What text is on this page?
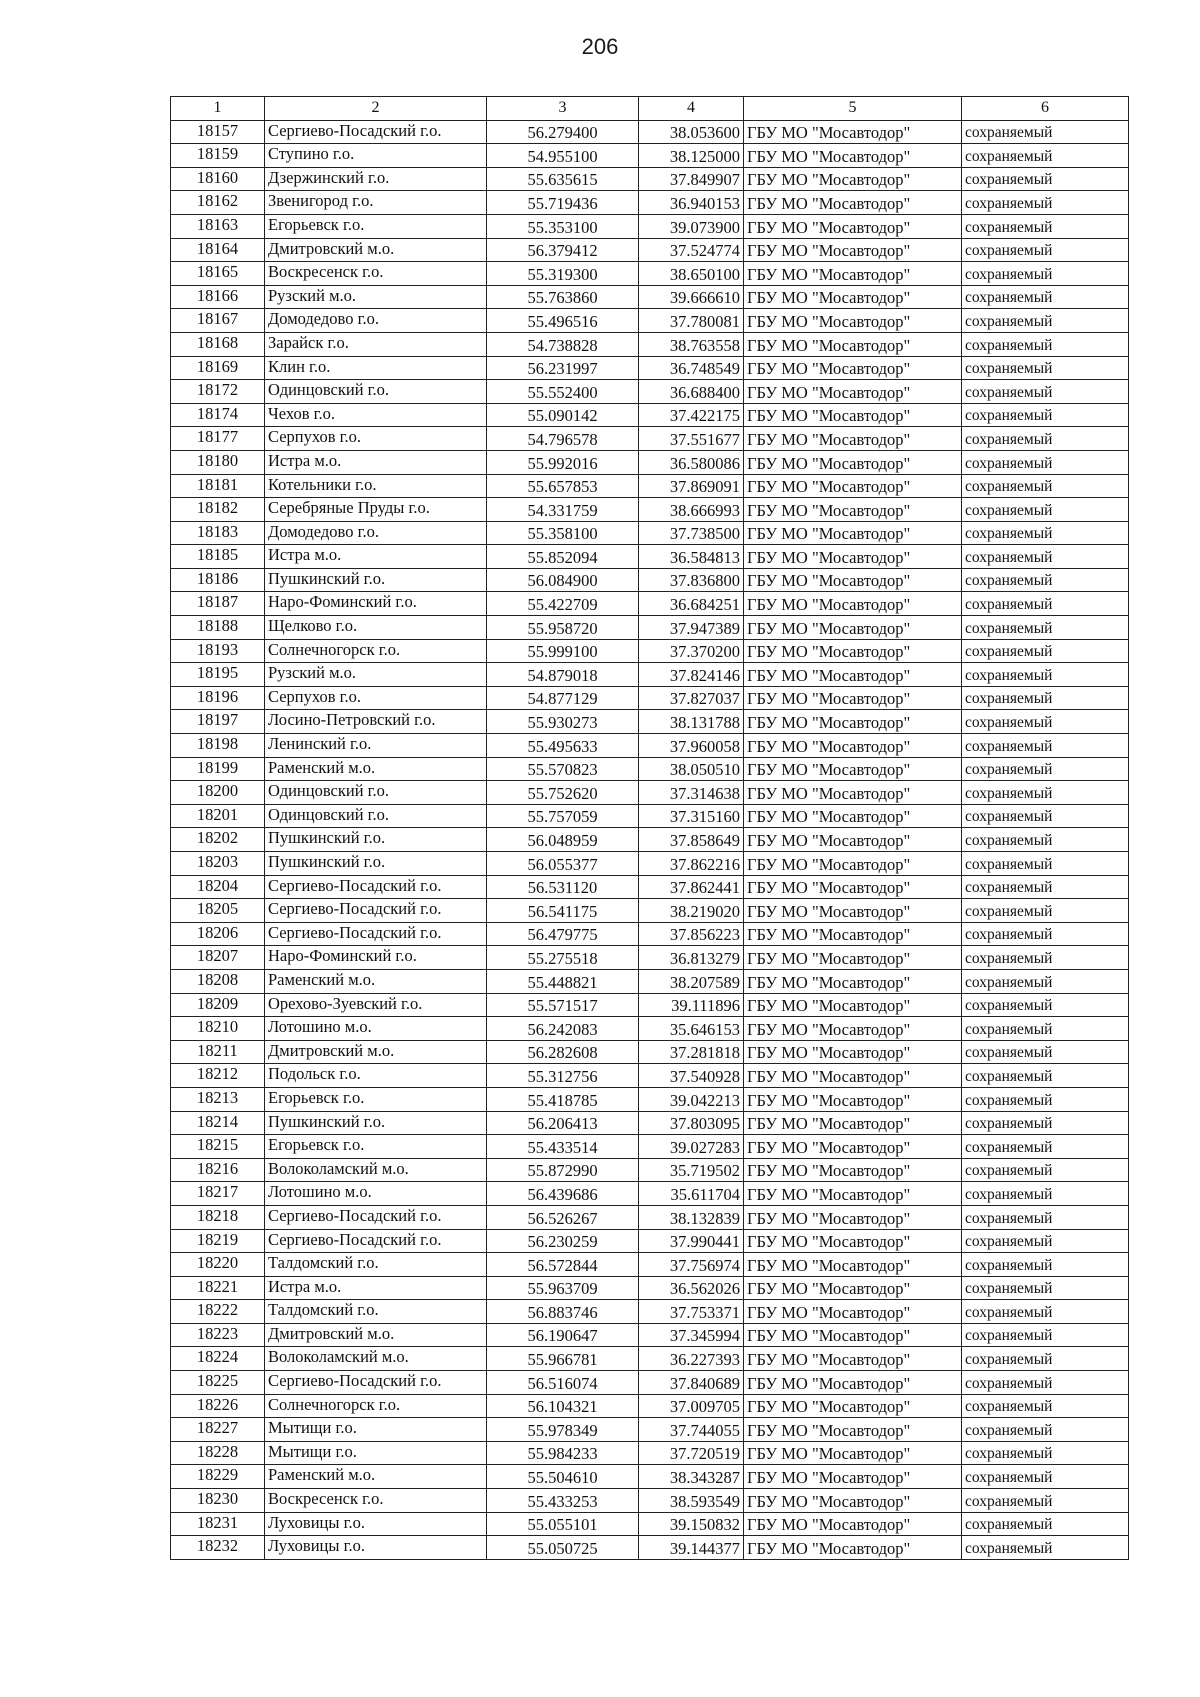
206
1	2	3	4	5	6
18157	Сергиево-Посадский г.о.	56.279400	38.053600	ГБУ МО "Мосавтодор"	сохраняемый
18159	Ступино г.о.	54.955100	38.125000	ГБУ МО "Мосавтодор"	сохраняемый
18160	Дзержинский г.о.	55.635615	37.849907	ГБУ МО "Мосавтодор"	сохраняемый
18162	Звенигород г.о.	55.719436	36.940153	ГБУ МО "Мосавтодор"	сохраняемый
18163	Егорьевск г.о.	55.353100	39.073900	ГБУ МО "Мосавтодор"	сохраняемый
18164	Дмитровский м.о.	56.379412	37.524774	ГБУ МО "Мосавтодор"	сохраняемый
18165	Воскресенск г.о.	55.319300	38.650100	ГБУ МО "Мосавтодор"	сохраняемый
18166	Рузский м.о.	55.763860	39.666610	ГБУ МО "Мосавтодор"	сохраняемый
18167	Домодедово г.о.	55.496516	37.780081	ГБУ МО "Мосавтодор"	сохраняемый
18168	Зарайск г.о.	54.738828	38.763558	ГБУ МО "Мосавтодор"	сохраняемый
18169	Клин г.о.	56.231997	36.748549	ГБУ МО "Мосавтодор"	сохраняемый
18172	Одинцовский г.о.	55.552400	36.688400	ГБУ МО "Мосавтодор"	сохраняемый
18174	Чехов г.о.	55.090142	37.422175	ГБУ МО "Мосавтодор"	сохраняемый
18177	Серпухов г.о.	54.796578	37.551677	ГБУ МО "Мосавтодор"	сохраняемый
18180	Истра м.о.	55.992016	36.580086	ГБУ МО "Мосавтодор"	сохраняемый
18181	Котельники г.о.	55.657853	37.869091	ГБУ МО "Мосавтодор"	сохраняемый
18182	Серебряные Пруды г.о.	54.331759	38.666993	ГБУ МО "Мосавтодор"	сохраняемый
18183	Домодедово г.о.	55.358100	37.738500	ГБУ МО "Мосавтодор"	сохраняемый
18185	Истра м.о.	55.852094	36.584813	ГБУ МО "Мосавтодор"	сохраняемый
18186	Пушкинский г.о.	56.084900	37.836800	ГБУ МО "Мосавтодор"	сохраняемый
18187	Наро-Фоминский г.о.	55.422709	36.684251	ГБУ МО "Мосавтодор"	сохраняемый
18188	Щелково г.о.	55.958720	37.947389	ГБУ МО "Мосавтодор"	сохраняемый
18193	Солнечногорск г.о.	55.999100	37.370200	ГБУ МО "Мосавтодор"	сохраняемый
18195	Рузский м.о.	54.879018	37.824146	ГБУ МО "Мосавтодор"	сохраняемый
18196	Серпухов г.о.	54.877129	37.827037	ГБУ МО "Мосавтодор"	сохраняемый
18197	Лосино-Петровский г.о.	55.930273	38.131788	ГБУ МО "Мосавтодор"	сохраняемый
18198	Ленинский г.о.	55.495633	37.960058	ГБУ МО "Мосавтодор"	сохраняемый
18199	Раменский м.о.	55.570823	38.050510	ГБУ МО "Мосавтодор"	сохраняемый
18200	Одинцовский г.о.	55.752620	37.314638	ГБУ МО "Мосавтодор"	сохраняемый
18201	Одинцовский г.о.	55.757059	37.315160	ГБУ МО "Мосавтодор"	сохраняемый
18202	Пушкинский г.о.	56.048959	37.858649	ГБУ МО "Мосавтодор"	сохраняемый
18203	Пушкинский г.о.	56.055377	37.862216	ГБУ МО "Мосавтодор"	сохраняемый
18204	Сергиево-Посадский г.о.	56.531120	37.862441	ГБУ МО "Мосавтодор"	сохраняемый
18205	Сергиево-Посадский г.о.	56.541175	38.219020	ГБУ МО "Мосавтодор"	сохраняемый
18206	Сергиево-Посадский г.о.	56.479775	37.856223	ГБУ МО "Мосавтодор"	сохраняемый
18207	Наро-Фоминский г.о.	55.275518	36.813279	ГБУ МО "Мосавтодор"	сохраняемый
18208	Раменский м.о.	55.448821	38.207589	ГБУ МО "Мосавтодор"	сохраняемый
18209	Орехово-Зуевский г.о.	55.571517	39.111896	ГБУ МО "Мосавтодор"	сохраняемый
18210	Лотошино м.о.	56.242083	35.646153	ГБУ МО "Мосавтодор"	сохраняемый
18211	Дмитровский м.о.	56.282608	37.281818	ГБУ МО "Мосавтодор"	сохраняемый
18212	Подольск г.о.	55.312756	37.540928	ГБУ МО "Мосавтодор"	сохраняемый
18213	Егорьевск г.о.	55.418785	39.042213	ГБУ МО "Мосавтодор"	сохраняемый
18214	Пушкинский г.о.	56.206413	37.803095	ГБУ МО "Мосавтодор"	сохраняемый
18215	Егорьевск г.о.	55.433514	39.027283	ГБУ МО "Мосавтодор"	сохраняемый
18216	Волоколамский м.о.	55.872990	35.719502	ГБУ МО "Мосавтодор"	сохраняемый
18217	Лотошино м.о.	56.439686	35.611704	ГБУ МО "Мосавтодор"	сохраняемый
18218	Сергиево-Посадский г.о.	56.526267	38.132839	ГБУ МО "Мосавтодор"	сохраняемый
18219	Сергиево-Посадский г.о.	56.230259	37.990441	ГБУ МО "Мосавтодор"	сохраняемый
18220	Талдомский г.о.	56.572844	37.756974	ГБУ МО "Мосавтодор"	сохраняемый
18221	Истра м.о.	55.963709	36.562026	ГБУ МО "Мосавтодор"	сохраняемый
18222	Талдомский г.о.	56.883746	37.753371	ГБУ МО "Мосавтодор"	сохраняемый
18223	Дмитровский м.о.	56.190647	37.345994	ГБУ МО "Мосавтодор"	сохраняемый
18224	Волоколамский м.о.	55.966781	36.227393	ГБУ МО "Мосавтодор"	сохраняемый
18225	Сергиево-Посадский г.о.	56.516074	37.840689	ГБУ МО "Мосавтодор"	сохраняемый
18226	Солнечногорск г.о.	56.104321	37.009705	ГБУ МО "Мосавтодор"	сохраняемый
18227	Мытищи г.о.	55.978349	37.744055	ГБУ МО "Мосавтодор"	сохраняемый
18228	Мытищи г.о.	55.984233	37.720519	ГБУ МО "Мосавтодор"	сохраняемый
18229	Раменский м.о.	55.504610	38.343287	ГБУ МО "Мосавтодор"	сохраняемый
18230	Воскресенск г.о.	55.433253	38.593549	ГБУ МО "Мосавтодор"	сохраняемый
18231	Луховицы г.о.	55.055101	39.150832	ГБУ МО "Мосавтодор"	сохраняемый
18232	Луховицы г.о.	55.050725	39.144377	ГБУ МО "Мосавтодор"	сохраняемый
